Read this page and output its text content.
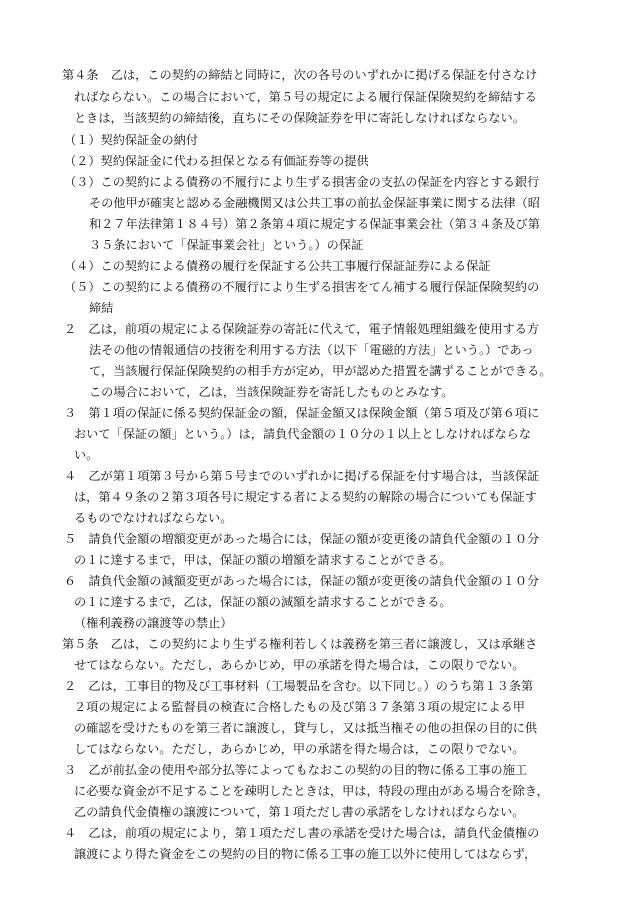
第４条　乙は，この契約の締結と同時に，次の各号のいずれかに掲げる保証を付さなけ
ればならない。この場合において，第５号の規定による履行保証保険契約を締結する
ときは，当該契約の締結後，直ちにその保険証券を甲に寄託しなければならない。
（１）契約保証金の納付
（２）契約保証金に代わる担保となる有価証券等の提供
（３）この契約による債務の不履行により生ずる損害金の支払の保証を内容とする銀行
その他甲が確実と認める金融機関又は公共工事の前払金保証事業に関する法律（昭
和２７年法律第１８４号）第２条第４項に規定する保証事業会社（第３４条及び第
３５条において「保証事業会社」という。）の保証
（４）この契約による債務の履行を保証する公共工事履行保証証券による保証
（５）この契約による債務の不履行により生ずる損害をてん補する履行保証保険契約の
締結
２　乙は，前項の規定による保険証券の寄託に代えて，電子情報処理組織を使用する方
法その他の情報通信の技術を利用する方法（以下「電磁的方法」という。）であっ
て，当該履行保証保険契約の相手方が定め，甲が認めた措置を講ずることができる。
この場合において，乙は，当該保険証券を寄託したものとみなす。
３　第１項の保証に係る契約保証金の額，保証金額又は保険金額（第５項及び第６項に
おいて「保証の額」という。）は，請負代金額の１０分の１以上としなければならな
い。
４　乙が第１項第３号から第５号までのいずれかに掲げる保証を付す場合は，当該保証
は，第４９条の２第３項各号に規定する者による契約の解除の場合についても保証す
るものでなければならない。
５　請負代金額の増額変更があった場合には，保証の額が変更後の請負代金額の１０分
の１に達するまで，甲は，保証の額の増額を請求することができる。
６　請負代金額の減額変更があった場合には，保証の額が変更後の請負代金額の１０分
の１に達するまで，乙は，保証の額の減額を請求することができる。
（権利義務の譲渡等の禁止）
第５条　乙は，この契約により生ずる権利若しくは義務を第三者に譲渡し，又は承継さ
せてはならない。ただし，あらかじめ，甲の承諾を得た場合は，この限りでない。
２　乙は，工事目的物及び工事材料（工場製品を含む。以下同じ。）のうち第１３条第
２項の規定による監督員の検査に合格したもの及び第３７条第３項の規定による甲
の確認を受けたものを第三者に譲渡し，貸与し，又は抵当権その他の担保の目的に供
してはならない。ただし，あらかじめ，甲の承諾を得た場合は，この限りでない。
３　乙が前払金の使用や部分払等によってもなおこの契約の目的物に係る工事の施工
に必要な資金が不足することを疎明したときは，甲は，特段の理由がある場合を除き，
乙の請負代金債権の譲渡について，第１項ただし書の承諾をしなければならない。
４　乙は，前項の規定により，第１項ただし書の承諾を受けた場合は，請負代金債権の
譲渡により得た資金をこの契約の目的物に係る工事の施工以外に使用してはならず，
